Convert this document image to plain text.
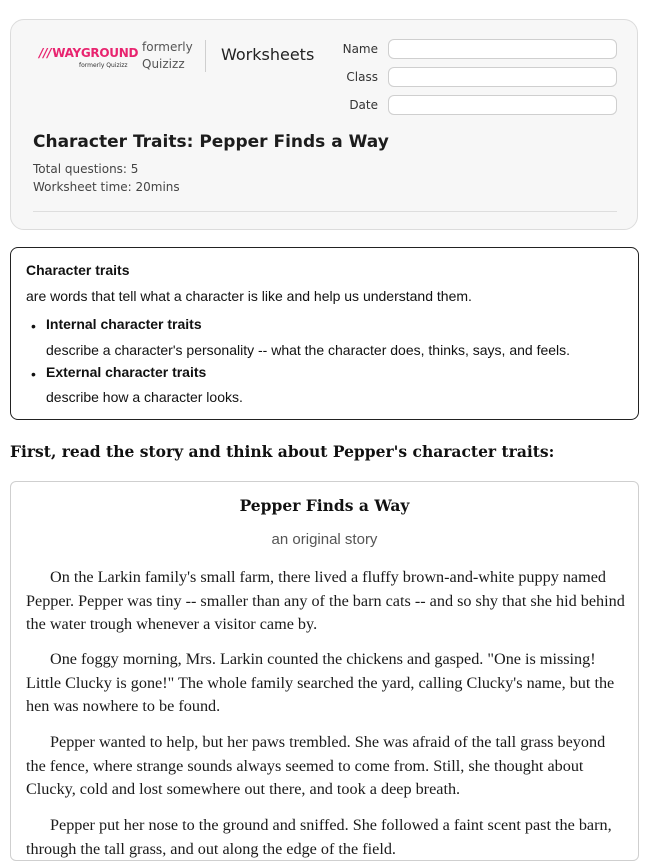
///WAYGROUND
formerly Quizizz
formerly
Quizizz	Worksheets	Name
Class
Date
Character Traits: Pepper Finds a Way
Total questions: 5
Worksheet time: 20mins
Character traits
are words that tell what a character is like and help us understand them.
• Internal character traits
describe a character's personality -- what the character does, thinks, says, and feels.
• External character traits
describe how a character looks.
First, read the story and think about Pepper's character traits:
Pepper Finds a Way
an original story

On the Larkin family's small farm, there lived a fluffy brown-and-white puppy named Pepper. Pepper was tiny -- smaller than any of the barn cats -- and so shy that she hid behind the water trough whenever a visitor came by.

One foggy morning, Mrs. Larkin counted the chickens and gasped. "One is missing! Little Clucky is gone!" The whole family searched the yard, calling Clucky's name, but the hen was nowhere to be found.

Pepper wanted to help, but her paws trembled. She was afraid of the tall grass beyond the fence, where strange sounds always seemed to come from. Still, she thought about Clucky, cold and lost somewhere out there, and took a deep breath.

Pepper put her nose to the ground and sniffed. She followed a faint scent past the barn, through the tall grass, and out along the edge of the field.
